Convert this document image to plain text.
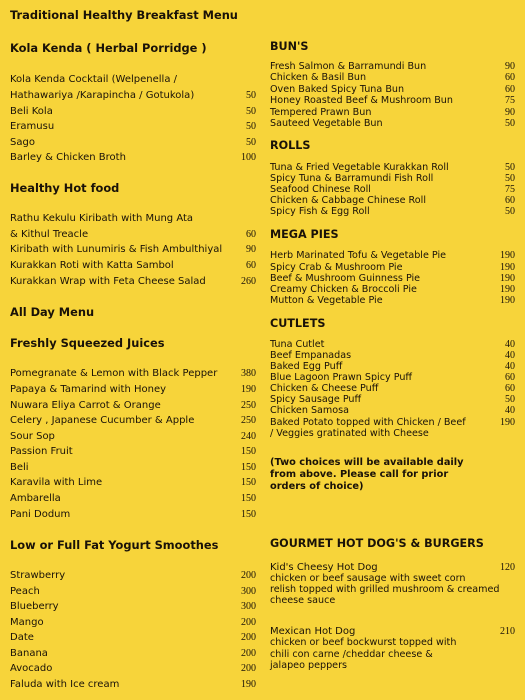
Traditional Healthy Breakfast Menu
Kola Kenda ( Herbal Porridge )
Kola Kenda Cocktail (Welpenella /
Hathawariya /Karapincha / Gotukola)	50
Beli Kola	50
Eramusu	50
Sago	50
Barley & Chicken Broth	100
Healthy Hot food
Rathu Kekulu Kiribath with Mung Ata
& Kithul Treacle	60
Kiribath with Lunumiris & Fish Ambulthiyal 90
Kurakkan Roti with Katta Sambol	60
Kurakkan Wrap with Feta Cheese Salad	260
All Day Menu
Freshly Squeezed Juices
Pomegranate & Lemon with Black Pepper 380
Papaya & Tamarind with Honey	190
Nuwara Eliya Carrot & Orange	250
Celery , Japanese Cucumber & Apple	250
Sour Sop	240
Passion Fruit	150
Beli	150
Karavila with Lime	150
Ambarella	150
Pani Dodum	150
Low or Full Fat Yogurt Smoothes
Strawberry	200
Peach	300
Blueberry	300
Mango	200
Date	200
Banana	200
Avocado	200
Faluda with Ice cream	190
BUN'S
Fresh Salmon & Barramundi Bun	90
Chicken & Basil Bun	60
Oven Baked Spicy Tuna Bun	60
Honey Roasted Beef & Mushroom Bun	75
Tempered Prawn Bun	90
Sauteed Vegetable Bun	50
ROLLS
Tuna & Fried Vegetable Kurakkan Roll	50
Spicy Tuna & Barramundi Fish Roll	50
Seafood Chinese Roll	75
Chicken & Cabbage Chinese Roll	60
Spicy Fish & Egg Roll	50
MEGA PIES
Herb Marinated Tofu & Vegetable Pie	190
Spicy Crab & Mushroom Pie	190
Beef & Mushroom Guinness Pie	190
Creamy Chicken & Broccoli Pie	190
Mutton & Vegetable Pie	190
CUTLETS
Tuna Cutlet	40
Beef Empanadas	40
Baked Egg Puff	40
Blue Lagoon Prawn Spicy Puff	60
Chicken & Cheese Puff	60
Spicy Sausage Puff	50
Chicken Samosa	40
Baked Potato topped with Chicken / Beef	190
/ Veggies gratinated with Cheese
(Two choices will be available daily
from above. Please call for prior
orders of choice)
GOURMET HOT DOG'S & BURGERS
Kid's Cheesy Hot Dog	120
chicken or beef sausage with sweet corn
relish topped with grilled mushroom & creamed
cheese sauce
Mexican Hot Dog	210
chicken or beef bockwurst topped with
chili con carne /cheddar cheese &
jalapeo peppers
